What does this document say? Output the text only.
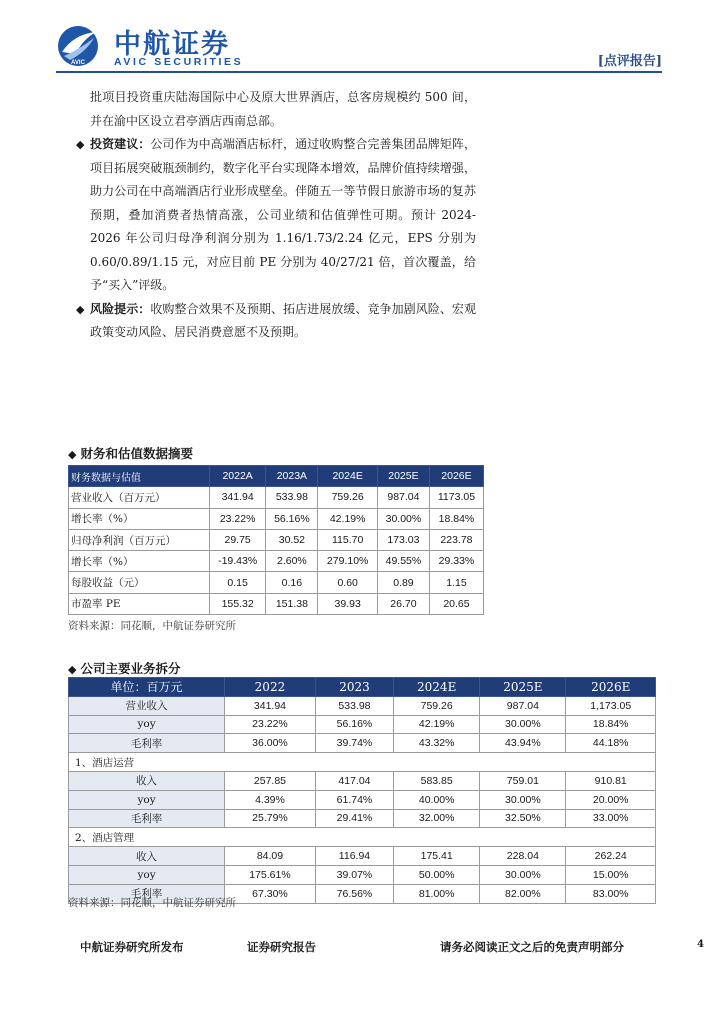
AVIC
中航证券
AVIC SECURITIES	[点评报告]
批项目投资重庆陆海国际中心及原大世界酒店，总客房规模约 500 间，并在渝中区设立君亭酒店西南总部。
◆ 投资建议：公司作为中高端酒店标杆，通过收购整合完善集团品牌矩阵，项目拓展突破瓶颈制约，数字化平台实现降本增效，品牌价值持续增强，助力公司在中高端酒店行业形成壁垒。伴随五一等节假日旅游市场的复苏预期，叠加消费者热情高涨，公司业绩和估值弹性可期。预计 2024-2026 年公司归母净利润分别为 1.16/1.73/2.24 亿元，EPS 分别为 0.60/0.89/1.15 元，对应目前 PE 分别为 40/27/21 倍，首次覆盖，给予“买入”评级。
◆ 风险提示：收购整合效果不及预期、拓店进展放缓、竞争加剧风险、宏观政策变动风险、居民消费意愿不及预期。
◆ 财务和估值数据摘要
财务数据与估值	2022A	2023A	2024E	2025E	2026E
营业收入（百万元）	341.94	533.98	759.26	987.04	1173.05
增长率（%）	23.22%	56.16%	42.19%	30.00%	18.84%
归母净利润（百万元）	29.75	30.52	115.70	173.03	223.78
增长率（%）	-19.43%	2.60%	279.10%	49.55%	29.33%
每股收益（元）	0.15	0.16	0.60	0.89	1.15
市盈率 PE	155.32	151.38	39.93	26.70	20.65
资料来源：同花顺，中航证券研究所
◆ 公司主要业务拆分
单位：百万元	2022	2023	2024E	2025E	2026E
营业收入	341.94	533.98	759.26	987.04	1,173.05
yoy	23.22%	56.16%	42.19%	30.00%	18.84%
毛利率	36.00%	39.74%	43.32%	43.94%	44.18%
1、酒店运营					
收入	257.85	417.04	583.85	759.01	910.81
yoy	4.39%	61.74%	40.00%	30.00%	20.00%
毛利率	25.79%	29.41%	32.00%	32.50%	33.00%
2、酒店管理					
收入	84.09	116.94	175.41	228.04	262.24
yoy	175.61%	39.07%	50.00%	30.00%	15.00%
毛利率	67.30%	76.56%	81.00%	82.00%	83.00%
资料来源：同花顺，中航证券研究所
中航证券研究所发布	证券研究报告	请务必阅读正文之后的免责声明部分	4
